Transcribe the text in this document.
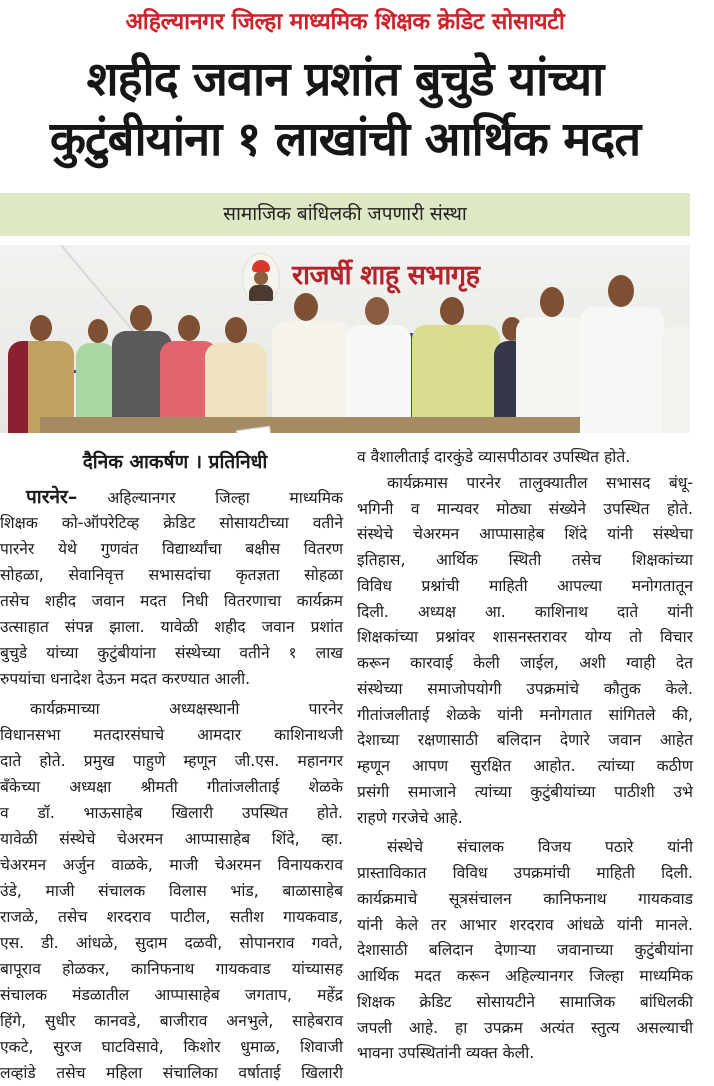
अहिल्यानगर जिल्हा माध्यमिक शिक्षक क्रेडिट सोसायटी
शहीद जवान प्रशांत बुचुडे यांच्या
कुटुंबीयांना १ लाखांची आर्थिक मदत
सामाजिक बांधिलकी जपणारी संस्था
राजर्षी शाहू सभागृह
दैनिक आकर्षण । प्रतिनिधी
पारनेर– अहिल्यानगर जिल्हा माध्यमिक
शिक्षक को-ऑपरेटिव्ह क्रेडिट सोसायटीच्या वतीने
पारनेर येथे गुणवंत विद्यार्थ्यांचा बक्षीस वितरण
सोहळा, सेवानिवृत्त सभासदांचा कृतज्ञता सोहळा
तसेच शहीद जवान मदत निधी वितरणाचा कार्यक्रम
उत्साहात संपन्न झाला. यावेळी शहीद जवान प्रशांत
बुचुडे यांच्या कुटुंबीयांना संस्थेच्या वतीने १ लाख
रुपयांचा धनादेश देऊन मदत करण्यात आली.
कार्यक्रमाच्या अध्यक्षस्थानी पारनेर
विधानसभा मतदारसंघाचे आमदार काशिनाथजी
दाते होते. प्रमुख पाहुणे म्हणून जी.एस. महानगर
बँकेच्या अध्यक्षा श्रीमती गीतांजलीताई शेळके
व डॉ. भाऊसाहेब खिलारी उपस्थित होते.
यावेळी संस्थेचे चेअरमन आप्पासाहेब शिंदे, व्हा.
चेअरमन अर्जुन वाळके, माजी चेअरमन विनायकराव
उंडे, माजी संचालक विलास भांड, बाळासाहेब
राजळे, तसेच शरदराव पाटील, सतीश गायकवाड,
एस. डी. आंधळे, सुदाम दळवी, सोपानराव गवते,
बापूराव होळकर, कानिफनाथ गायकवाड यांच्यासह
संचालक मंडळातील आप्पासाहेब जगताप, महेंद्र
हिंगे, सुधीर कानवडे, बाजीराव अनभुले, साहेबराव
एकटे, सुरज घाटविसावे, किशोर धुमाळ, शिवाजी
लव्हांडे तसेच महिला संचालिका वर्षाताई खिलारी
व वैशालीताई दारकुंडे व्यासपीठावर उपस्थित होते.
कार्यक्रमास पारनेर तालुक्यातील सभासद बंधू-
भगिनी व मान्यवर मोठ्या संख्येने उपस्थित होते.
संस्थेचे चेअरमन आप्पासाहेब शिंदे यांनी संस्थेचा
इतिहास, आर्थिक स्थिती तसेच शिक्षकांच्या
विविध प्रश्नांची माहिती आपल्या मनोगतातून
दिली. अध्यक्ष आ. काशिनाथ दाते यांनी
शिक्षकांच्या प्रश्नांवर शासनस्तरावर योग्य तो विचार
करून कारवाई केली जाईल, अशी ग्वाही देत
संस्थेच्या समाजोपयोगी उपक्रमांचे कौतुक केले.
गीतांजलीताई शेळके यांनी मनोगतात सांगितले की,
देशाच्या रक्षणासाठी बलिदान देणारे जवान आहेत
म्हणून आपण सुरक्षित आहोत. त्यांच्या कठीण
प्रसंगी समाजाने त्यांच्या कुटुंबीयांच्या पाठीशी उभे
राहणे गरजेचे आहे.
संस्थेचे संचालक विजय पठारे यांनी
प्रास्ताविकात विविध उपक्रमांची माहिती दिली.
कार्यक्रमाचे सूत्रसंचालन कानिफनाथ गायकवाड
यांनी केले तर आभार शरदराव आंधळे यांनी मानले.
देशासाठी बलिदान देणाऱ्या जवानाच्या कुटुंबीयांना
आर्थिक मदत करून अहिल्यानगर जिल्हा माध्यमिक
शिक्षक क्रेडिट सोसायटीने सामाजिक बांधिलकी
जपली आहे. हा उपक्रम अत्यंत स्तुत्य असल्याची
भावना उपस्थितांनी व्यक्त केली.
